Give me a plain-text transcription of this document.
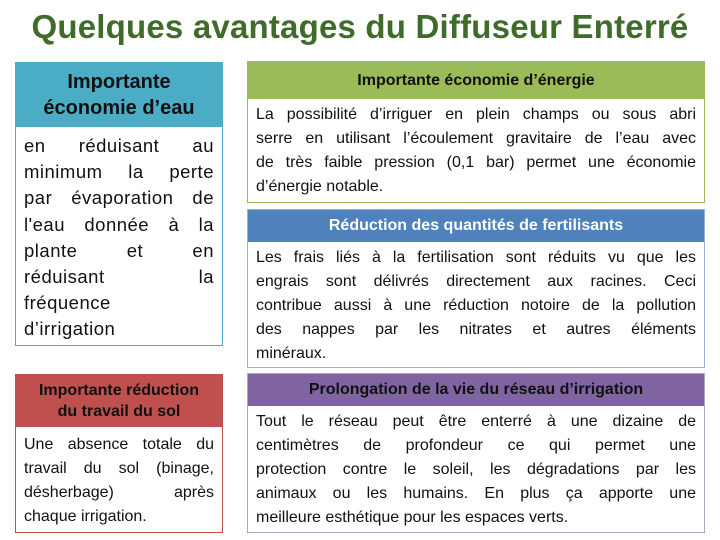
Quelques avantages du Diffuseur Enterré
Importante
économie d’eau
en réduisant au
minimum la perte
par évaporation de
l'eau donnée à la
plante et en
réduisant la
fréquence
d’irrigation
Importante économie d’énergie
La possibilité d’irriguer en plein champs ou sous abri
serre en utilisant l’écoulement gravitaire de l’eau avec
de très faible pression (0,1 bar) permet une économie
d’énergie notable.
Réduction des quantités de fertilisants
Les frais liés à la fertilisation sont réduits vu que les
engrais sont délivrés directement aux racines. Ceci
contribue aussi à une réduction notoire de la pollution
des nappes par les nitrates et autres éléments
minéraux.
Importante réduction
du travail du sol
Une absence totale du
travail du sol (binage,
désherbage) après
chaque irrigation.
Prolongation de la vie du réseau d’irrigation
Tout le réseau peut être enterré à une dizaine de
centimètres de profondeur ce qui permet une
protection contre le soleil, les dégradations par les
animaux ou les humains. En plus ça apporte une
meilleure esthétique pour les espaces verts.
